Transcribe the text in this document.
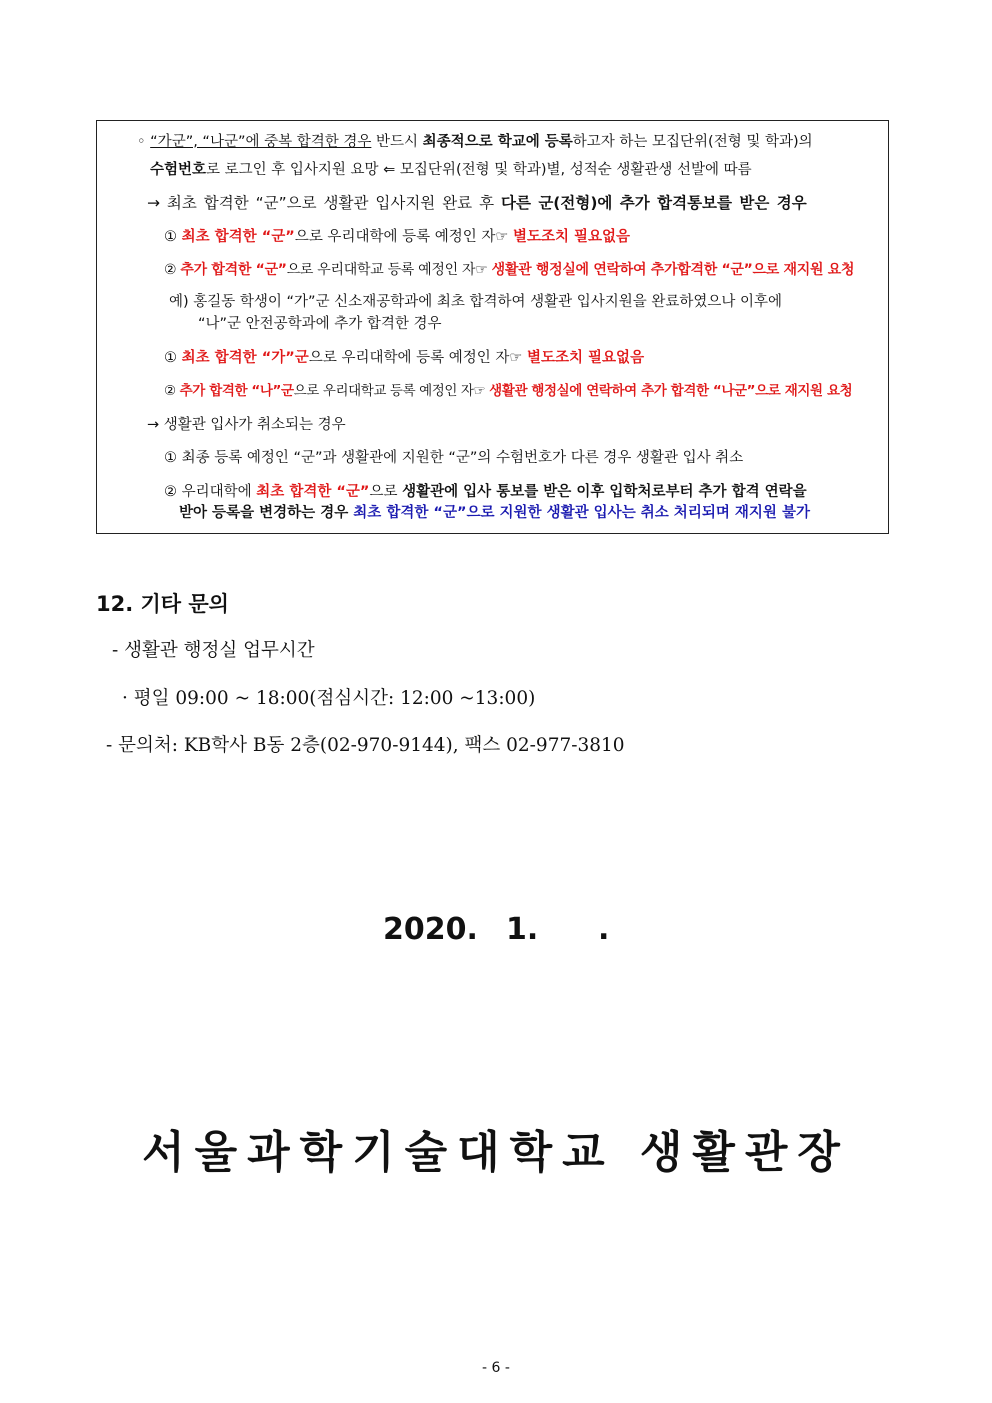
◦ “가군”, “나군”에 중복 합격한 경우 반드시 최종적으로 학교에 등록하고자 하는 모집단위(전형 및 학과)의
수험번호로 로그인 후 입사지원 요망 ⇐ 모집단위(전형 및 학과)별, 성적순 생활관생 선발에 따름
→ 최초 합격한 “군”으로 생활관 입사지원 완료 후 다른 군(전형)에 추가 합격통보를 받은 경우
① 최초 합격한 “군”으로 우리대학에 등록 예정인 자☞ 별도조치 필요없음
② 추가 합격한 “군”으로 우리대학교 등록 예정인 자☞ 생활관 행정실에 연락하여 추가합격한 “군”으로 재지원 요청
예) 홍길동 학생이 “가”군 신소재공학과에 최초 합격하여 생활관 입사지원을 완료하였으나 이후에
“나”군 안전공학과에 추가 합격한 경우
① 최초 합격한 “가”군으로 우리대학에 등록 예정인 자☞ 별도조치 필요없음
② 추가 합격한 “나”군으로 우리대학교 등록 예정인 자☞ 생활관 행정실에 연락하여 추가 합격한 “나군”으로 재지원 요청
→ 생활관 입사가 취소되는 경우
① 최종 등록 예정인 “군”과 생활관에 지원한 “군”의 수험번호가 다른 경우 생활관 입사 취소
② 우리대학에 최초 합격한 “군”으로 생활관에 입사 통보를 받은 이후 입학처로부터 추가 합격 연락을
받아 등록을 변경하는 경우 최초 합격한 “군”으로 지원한 생활관 입사는 취소 처리되며 재지원 불가
12. 기타 문의
- 생활관 행정실 업무시간
· 평일 09:00 ~ 18:00(점심시간: 12:00 ~13:00)
- 문의처: KB학사 B동 2층(02-970-9144), 팩스 02-977-3810
2020. 1. .
서울과학기술대학교 생활관장
- 6 -
